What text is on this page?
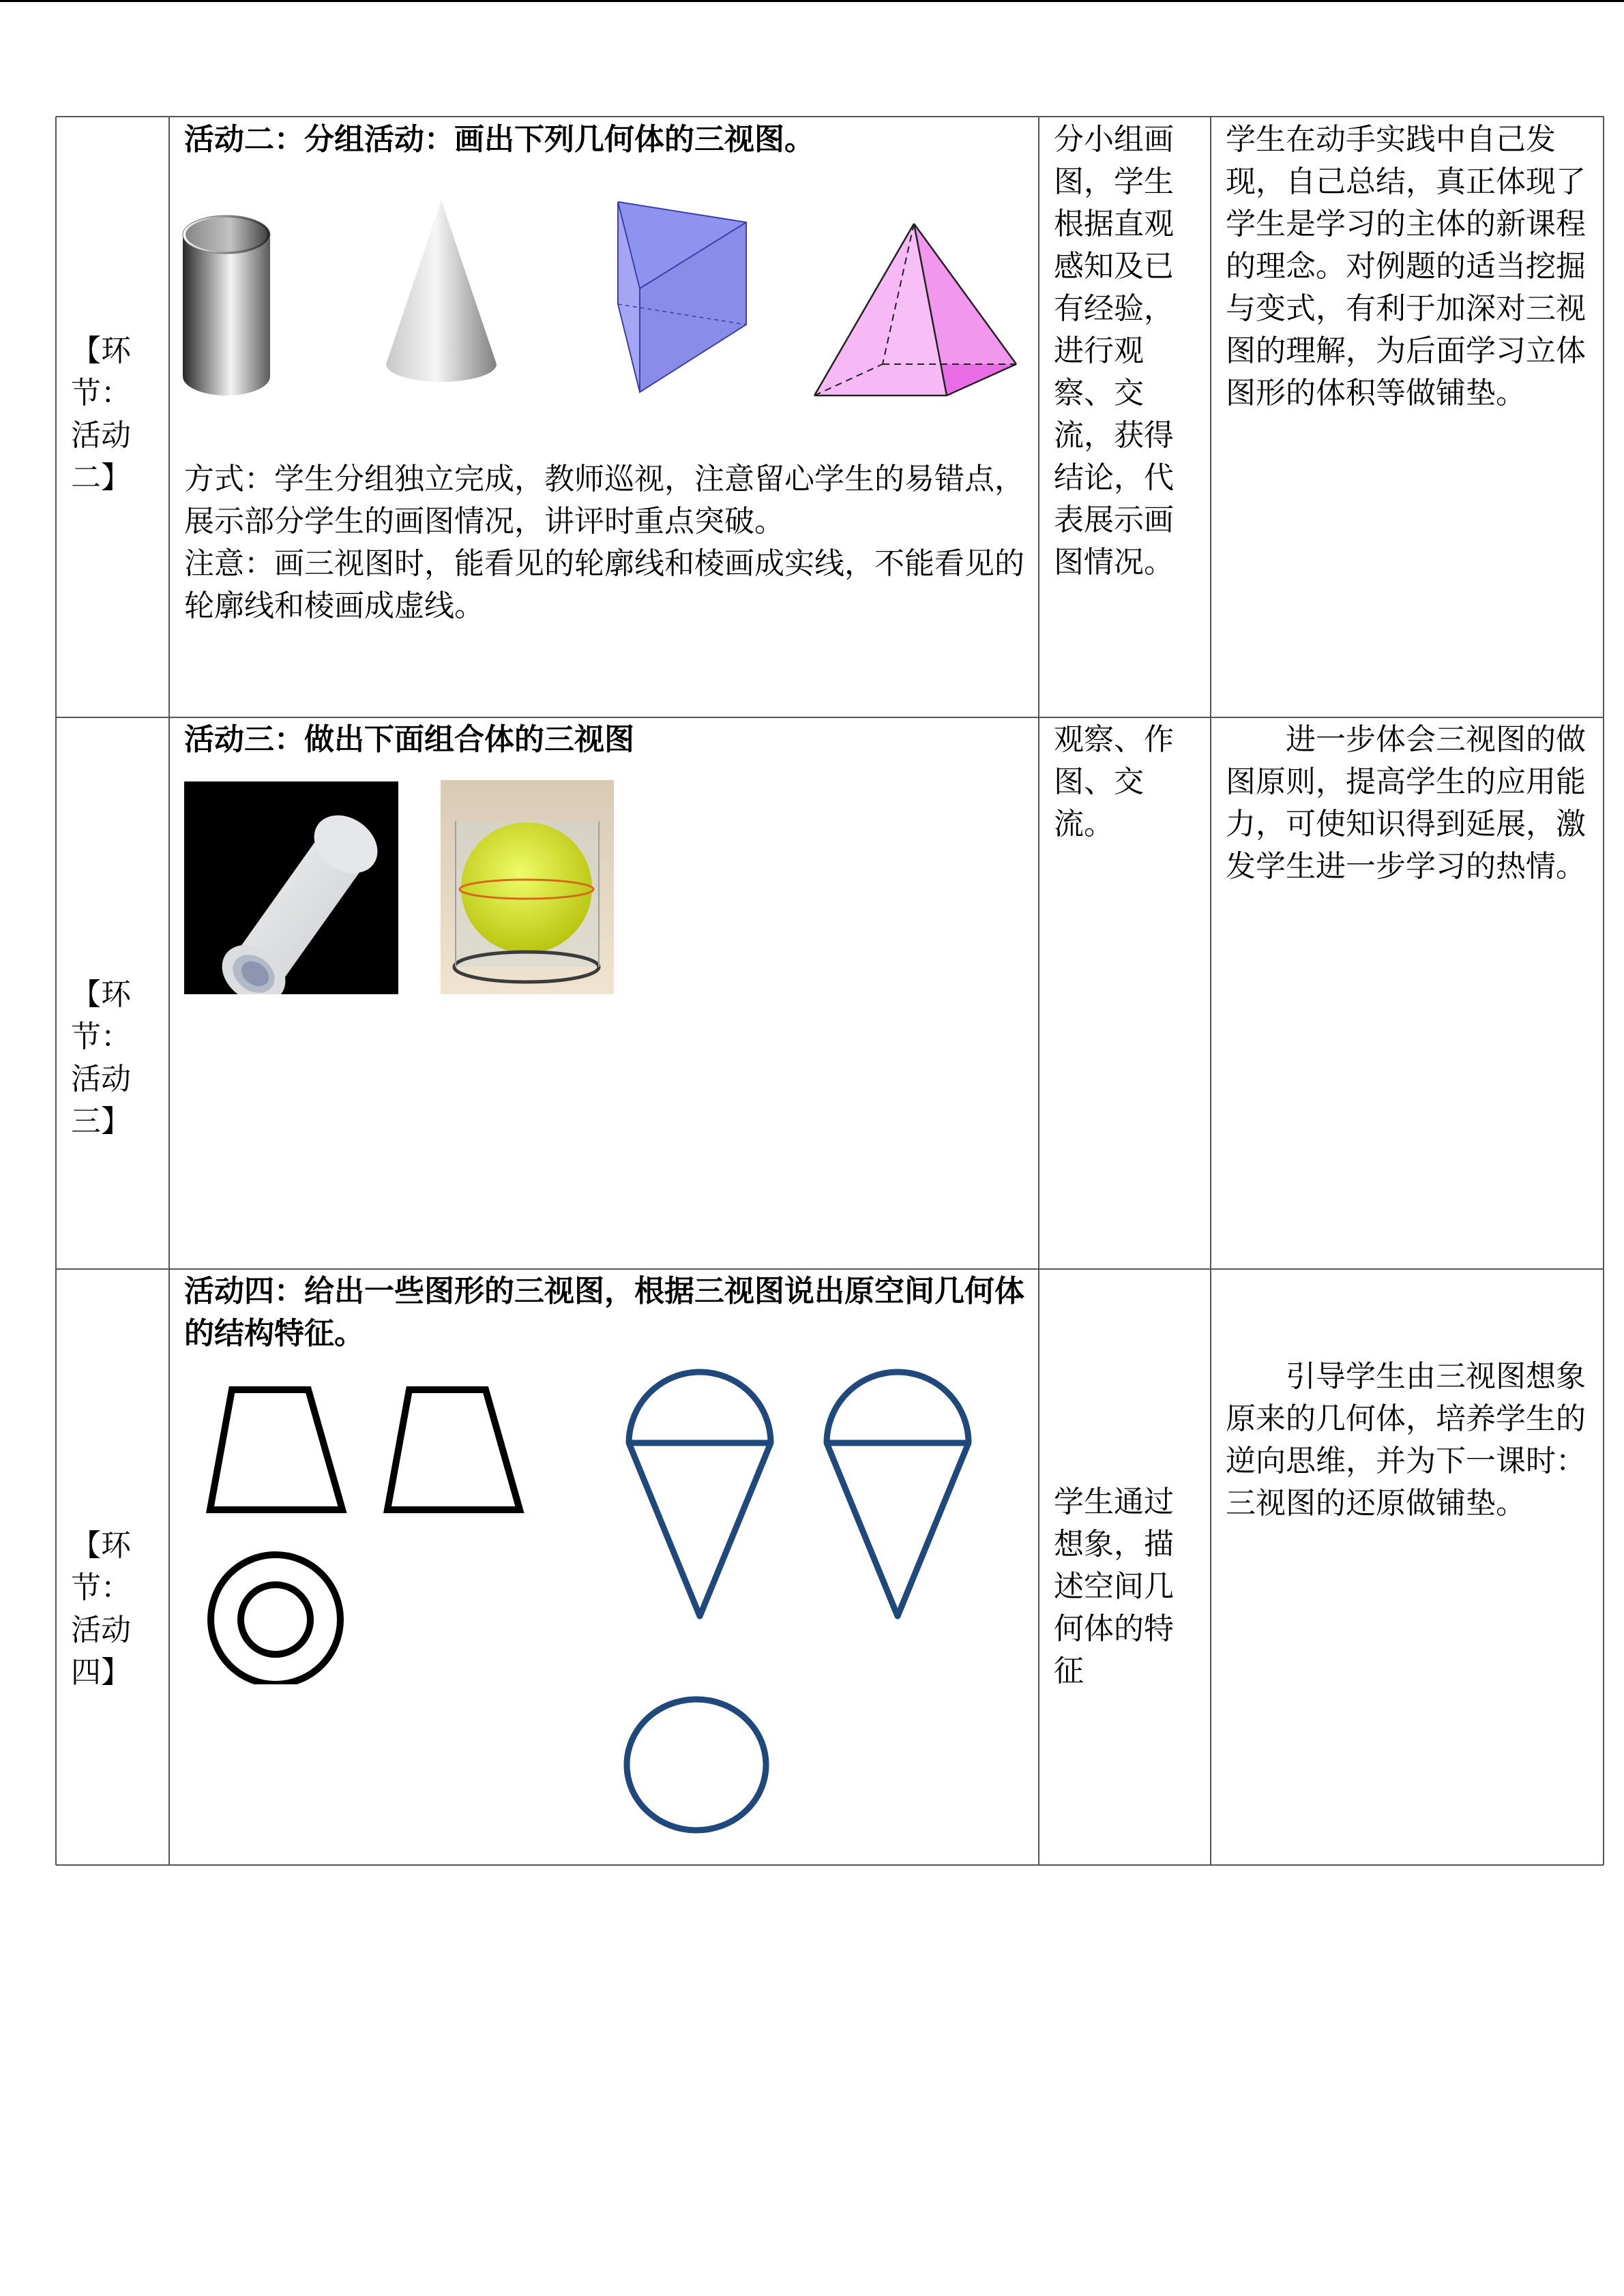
【环
节：
活动
二】
活动二：分组活动：画出下列几何体的三视图。
方式：学生分组独立完成，教师巡视，注意留心学生的易错点，展示部分学生的画图情况，讲评时重点突破。
注意：画三视图时，能看见的轮廓线和棱画成实线，不能看见的轮廓线和棱画成虚线。
分小组画图，学生根据直观感知及已有经验，进行观察、交流，获得结论，代表展示画图情况。
学生在动手实践中自己发现，自己总结，真正体现了学生是学习的主体的新课程的理念。对例题的适当挖掘与变式，有利于加深对三视图的理解，为后面学习立体图形的体积等做铺垫。
【环
节：
活动
三】
活动三：做出下面组合体的三视图	观察、作图、交流。
进一步体会三视图的做图原则，提高学生的应用能力，可使知识得到延展，激发学生进一步学习的热情。
【环
节：
活动
四】
活动四：给出一些图形的三视图，根据三视图说出原空间几何体的结构特征。
学生通过想象，描述空间几何体的特征
引导学生由三视图想象原来的几何体，培养学生的逆向思维，并为下一课时：三视图的还原做铺垫。
